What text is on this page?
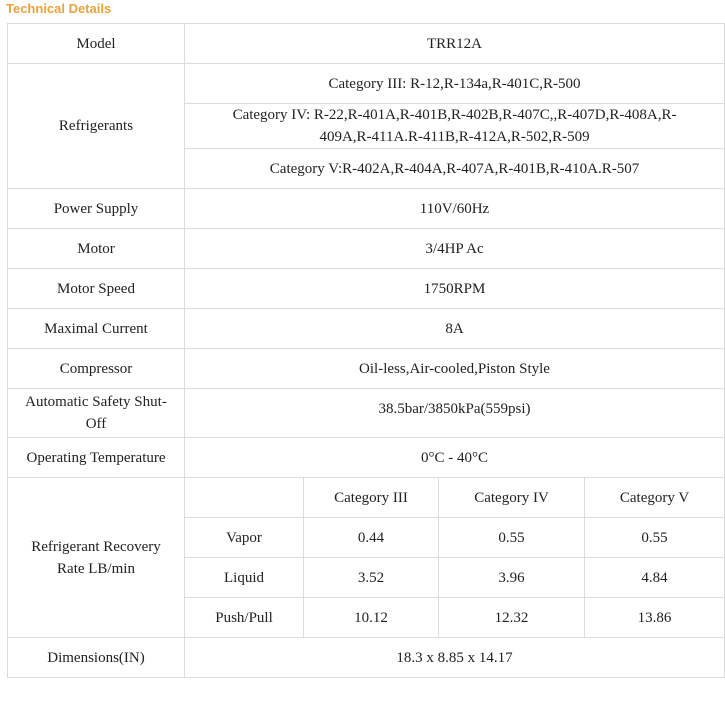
Technical Details
Model	TRR12A			
Refrigerants	Category III: R-12,R-134a,R-401C,R-500			
	Category IV: R-22,R-401A,R-401B,R-402B,R-407C,,R-407D,R-408A,R-409A,R-411A.R-411B,R-412A,R-502,R-509			
	Category V:R-402A,R-404A,R-407A,R-401B,R-410A.R-507			
Power Supply	110V/60Hz			
Motor	3/4HP Ac			
Motor Speed	1750RPM			
Maximal Current	8A			
Compressor	Oil-less,Air-cooled,Piston Style			
Automatic Safety Shut-Off	38.5bar/3850kPa(559psi)			
Operating Temperature	0°C - 40°C			
Refrigerant Recovery Rate LB/min		Category III	Category IV	Category V
	Vapor	0.44	0.55	0.55
	Liquid	3.52	3.96	4.84
	Push/Pull	10.12	12.32	13.86
Dimensions(IN)	18.3 x 8.85 x 14.17			
